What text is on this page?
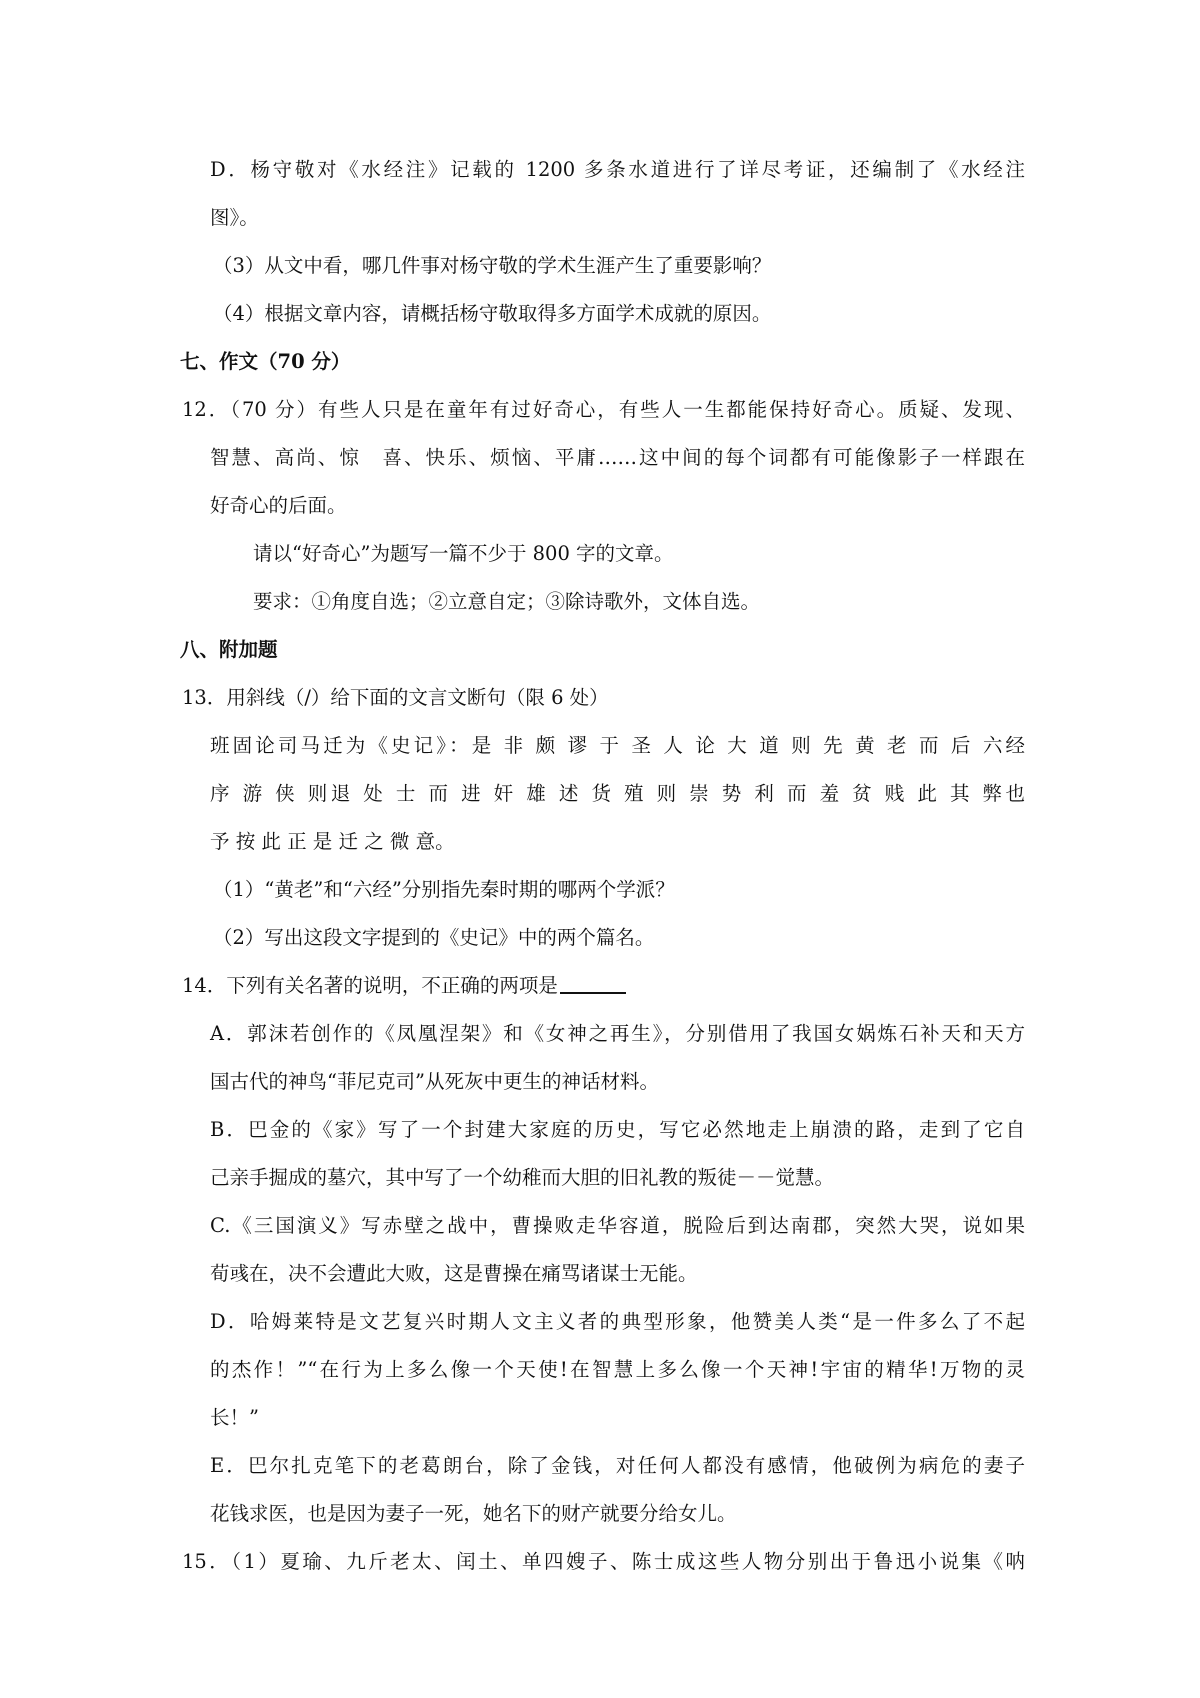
D．杨守敬对《水经注》记载的 1200 多条水道进行了详尽考证，还编制了《水经注
图》。
（3）从文中看，哪几件事对杨守敬的学术生涯产生了重要影响？
（4）根据文章内容，请概括杨守敬取得多方面学术成就的原因。
七、作文（70 分）
12．（70 分）有些人只是在童年有过好奇心，有些人一生都能保持好奇心。质疑、发现、
智慧、高尚、惊　喜、快乐、烦恼、平庸……这中间的每个词都有可能像影子一样跟在
好奇心的后面。
请以“好奇心”为题写一篇不少于 800 字的文章。
要求：①角度自选；②立意自定；③除诗歌外，文体自选。
八、附加题
13．用斜线（/）给下面的文言文断句（限 6 处）
班固论司马迁为《史记》：是 非 颇 谬 于 圣 人 论 大 道 则 先 黄 老 而 后 六经
序 游 侠 则退 处 士 而 进 奸 雄 述 货 殖 则 崇 势 利 而 羞 贫 贱 此 其 弊也
予 按 此 正 是 迁 之 微 意。
（1）“黄老”和“六经”分别指先秦时期的哪两个学派？
（2）写出这段文字提到的《史记》中的两个篇名。
14．下列有关名著的说明，不正确的两项是
A．郭沫若创作的《凤凰涅架》和《女神之再生》，分别借用了我国女娲炼石补天和天方
国古代的神鸟“菲尼克司”从死灰中更生的神话材料。
B．巴金的《家》写了一个封建大家庭的历史，写它必然地走上崩溃的路，走到了它自
己亲手掘成的墓穴，其中写了一个幼稚而大胆的旧礼教的叛徒－－觉慧。
C.《三国演义》写赤壁之战中，曹操败走华容道，脱险后到达南郡，突然大哭，说如果
荀彧在，决不会遭此大败，这是曹操在痛骂诸谋士无能。
D．哈姆莱特是文艺复兴时期人文主义者的典型形象，他赞美人类“是一件多么了不起
的杰作！”“在行为上多么像一个天使!在智慧上多么像一个天神!宇宙的精华!万物的灵
长！”
E．巴尔扎克笔下的老葛朗台，除了金钱，对任何人都没有感情，他破例为病危的妻子
花钱求医，也是因为妻子一死，她名下的财产就要分给女儿。
15．（1）夏瑜、九斤老太、闰土、单四嫂子、陈士成这些人物分别出于鲁迅小说集《呐
